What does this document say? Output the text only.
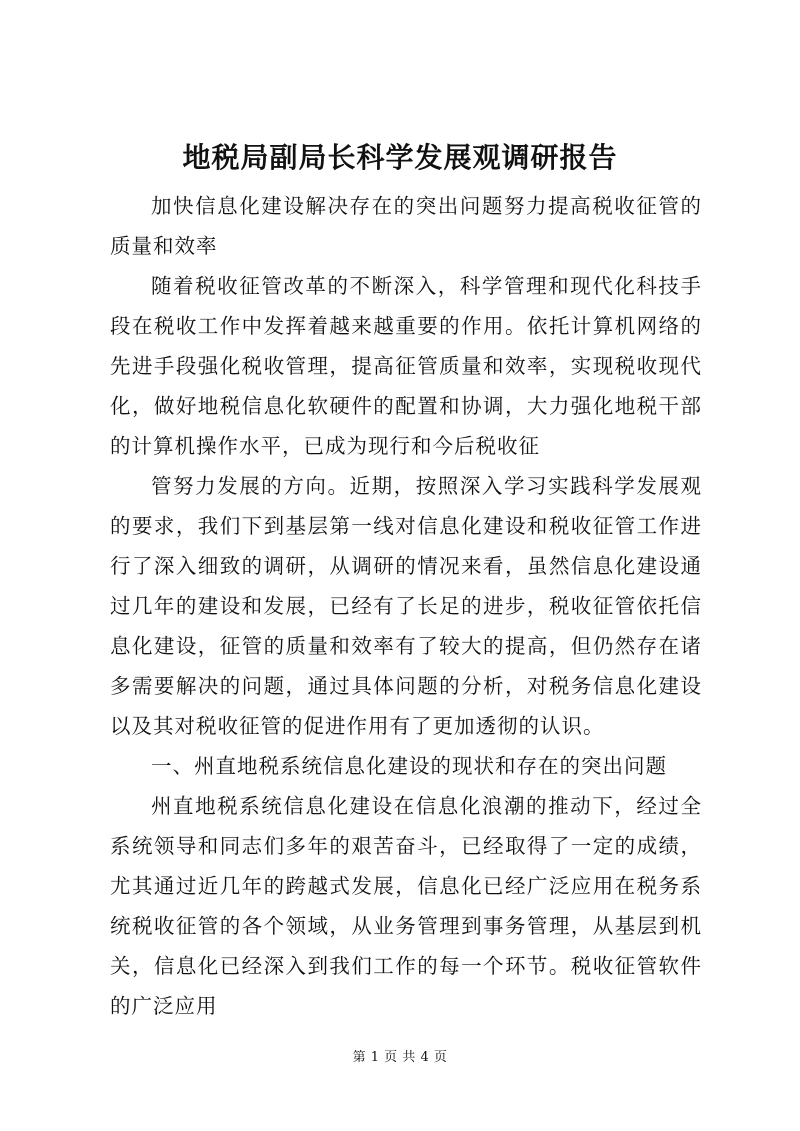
地税局副局长科学发展观调研报告

加快信息化建设解决存在的突出问题努力提高税收征管的质量和效率

随着税收征管改革的不断深入，科学管理和现代化科技手段在税收工作中发挥着越来越重要的作用。依托计算机网络的先进手段强化税收管理，提高征管质量和效率，实现税收现代化，做好地税信息化软硬件的配置和协调，大力强化地税干部的计算机操作水平，已成为现行和今后税收征

管努力发展的方向。近期，按照深入学习实践科学发展观的要求，我们下到基层第一线对信息化建设和税收征管工作进行了深入细致的调研，从调研的情况来看，虽然信息化建设通过几年的建设和发展，已经有了长足的进步，税收征管依托信息化建设，征管的质量和效率有了较大的提高，但仍然存在诸多需要解决的问题，通过具体问题的分析，对税务信息化建设以及其对税收征管的促进作用有了更加透彻的认识。

一、州直地税系统信息化建设的现状和存在的突出问题

州直地税系统信息化建设在信息化浪潮的推动下，经过全系统领导和同志们多年的艰苦奋斗，已经取得了一定的成绩，尤其通过近几年的跨越式发展，信息化已经广泛应用在税务系统税收征管的各个领域，从业务管理到事务管理，从基层到机关，信息化已经深入到我们工作的每一个环节。税收征管软件的广泛应用

第 1 页 共 4 页
